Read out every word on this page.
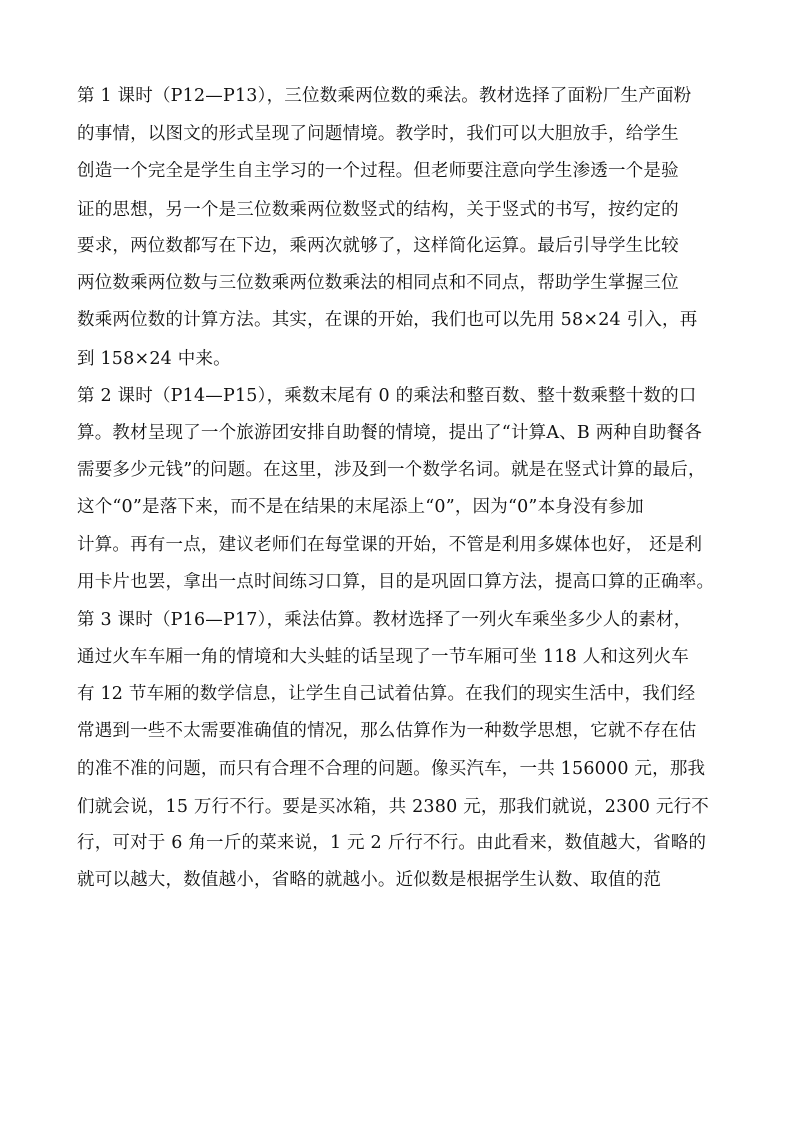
第 1 课时（P12—P13），三位数乘两位数的乘法。教材选择了面粉厂生产面粉
的事情，以图文的形式呈现了问题情境。教学时，我们可以大胆放手，给学生
创造一个完全是学生自主学习的一个过程。但老师要注意向学生渗透一个是验
证的思想，另一个是三位数乘两位数竖式的结构，关于竖式的书写，按约定的
要求，两位数都写在下边，乘两次就够了，这样简化运算。最后引导学生比较
两位数乘两位数与三位数乘两位数乘法的相同点和不同点，帮助学生掌握三位
数乘两位数的计算方法。其实，在课的开始，我们也可以先用 58×24 引入，再
到 158×24 中来。
第 2 课时（P14—P15），乘数末尾有 0 的乘法和整百数、整十数乘整十数的口
算。教材呈现了一个旅游团安排自助餐的情境，提出了“计算A、B 两种自助餐各
需要多少元钱”的问题。在这里，涉及到一个数学名词。就是在竖式计算的最后，
这个“0”是落下来，而不是在结果的末尾添上“0”，因为“0”本身没有参加
计算。再有一点，建议老师们在每堂课的开始，不管是利用多媒体也好， 还是利
用卡片也罢，拿出一点时间练习口算，目的是巩固口算方法，提高口算的正确率。
第 3 课时（P16—P17），乘法估算。教材选择了一列火车乘坐多少人的素材，
通过火车车厢一角的情境和大头蛙的话呈现了一节车厢可坐 118 人和这列火车
有 12 节车厢的数学信息，让学生自己试着估算。在我们的现实生活中，我们经
常遇到一些不太需要准确值的情况，那么估算作为一种数学思想，它就不存在估
的准不准的问题，而只有合理不合理的问题。像买汽车，一共 156000 元，那我
们就会说，15 万行不行。要是买冰箱，共 2380 元，那我们就说，2300 元行不
行，可对于 6 角一斤的菜来说，1 元 2 斤行不行。由此看来，数值越大，省略的
就可以越大，数值越小，省略的就越小。近似数是根据学生认数、取值的范
